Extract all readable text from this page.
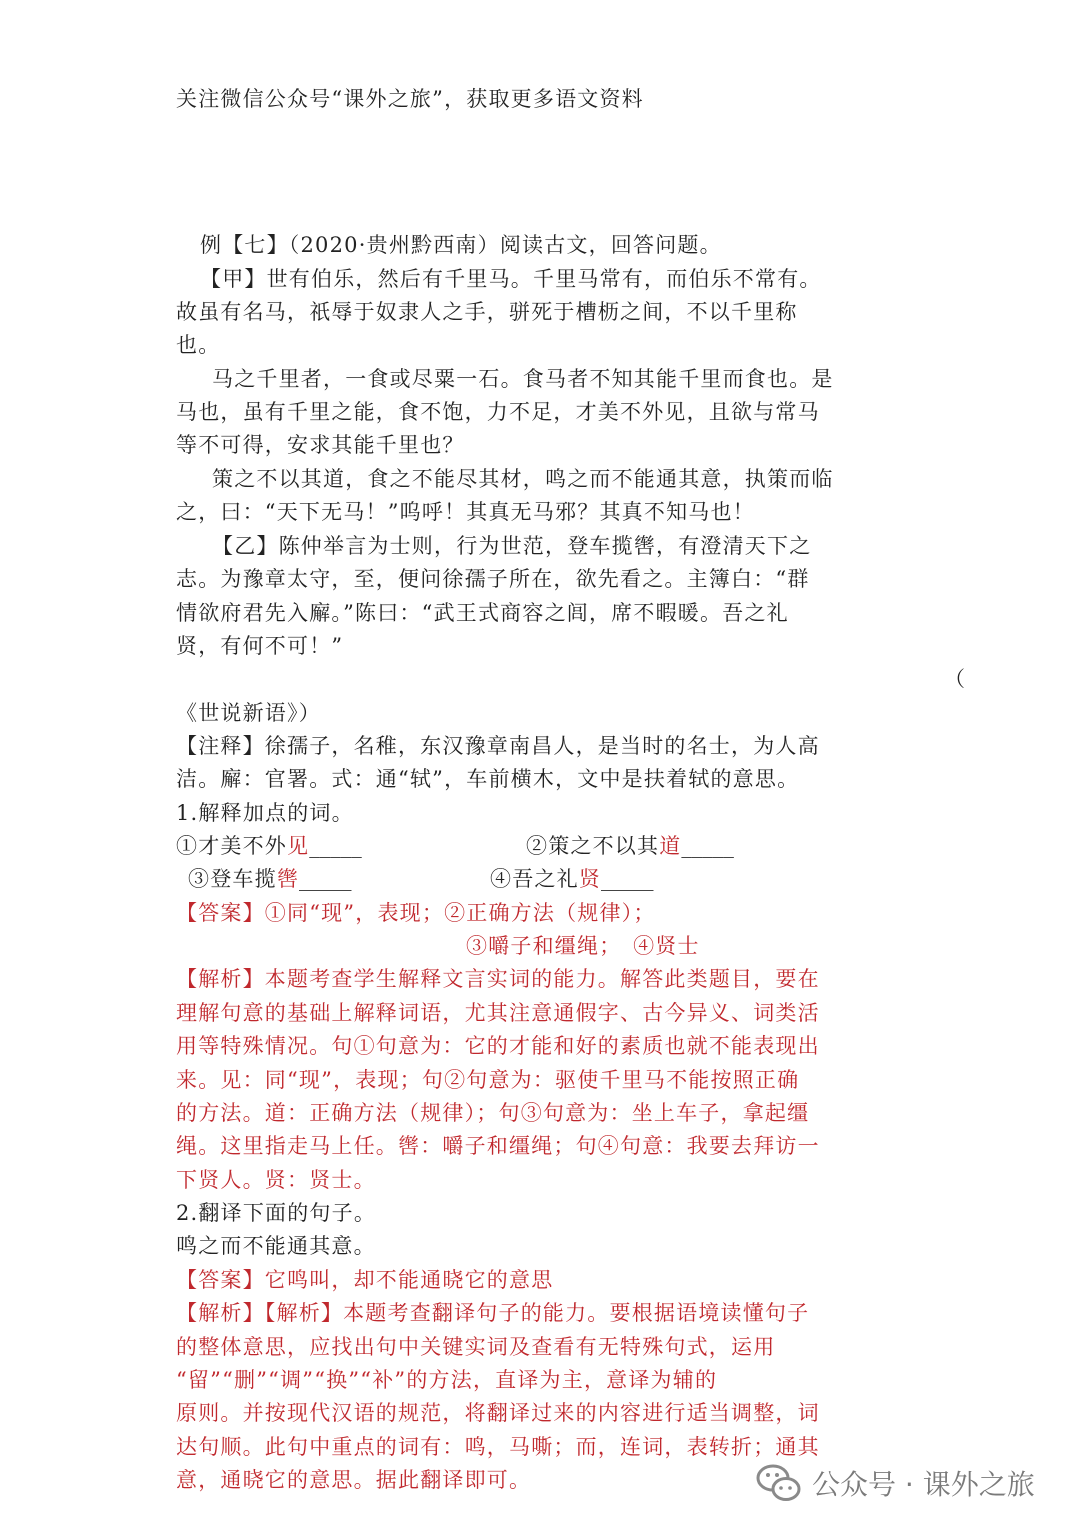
关注微信公众号“课外之旅”，获取更多语文资料
例【七】（2020·贵州黔西南）阅读古文，回答问题。
【甲】世有伯乐，然后有千里马。千里马常有，而伯乐不常有。
故虽有名马，祇辱于奴隶人之手，骈死于槽枥之间，不以千里称
也。
马之千里者，一食或尽粟一石。食马者不知其能千里而食也。是
马也，虽有千里之能，食不饱，力不足，才美不外见，且欲与常马
等不可得，安求其能千里也？
策之不以其道，食之不能尽其材，鸣之而不能通其意，执策而临
之，曰：“天下无马！”呜呼！其真无马邪？其真不知马也！
【乙】陈仲举言为士则，行为世范，登车揽辔，有澄清天下之
志。为豫章太守，至，便问徐孺子所在，欲先看之。主簿白：“群
情欲府君先入廨。”陈曰：“武王式商容之闾，席不暇暖。吾之礼
贤，有何不可！”
（
《世说新语》）
【注释】徐孺子，名稚，东汉豫章南昌人，是当时的名士，为人高
洁。廨：官署。式：通“轼”，车前横木，文中是扶着轼的意思。
1.解释加点的词。
①才美不外见_____	②策之不以其道_____
③登车揽辔_____	④吾之礼贤_____
【答案】①同“现”，表现；②正确方法（规律）；
③嚼子和缰绳；　④贤士
【解析】本题考查学生解释文言实词的能力。解答此类题目，要在
理解句意的基础上解释词语，尤其注意通假字、古今异义、词类活
用等特殊情况。句①句意为：它的才能和好的素质也就不能表现出
来。见：同“现”，表现；句②句意为：驱使千里马不能按照正确
的方法。道：正确方法（规律）；句③句意为：坐上车子，拿起缰
绳。这里指走马上任。辔：嚼子和缰绳；句④句意：我要去拜访一
下贤人。贤：贤士。
2.翻译下面的句子。
鸣之而不能通其意。
【答案】它鸣叫，却不能通晓它的意思
【解析】【解析】本题考查翻译句子的能力。要根据语境读懂句子
的整体意思，应找出句中关键实词及查看有无特殊句式，运用
“留”“删”“调”“换”“补”的方法，直译为主，意译为辅的
原则。并按现代汉语的规范，将翻译过来的内容进行适当调整，词
达句顺。此句中重点的词有：鸣，马嘶；而，连词，表转折；通其
意，通晓它的意思。据此翻译即可。	公众号 · 课外之旅
